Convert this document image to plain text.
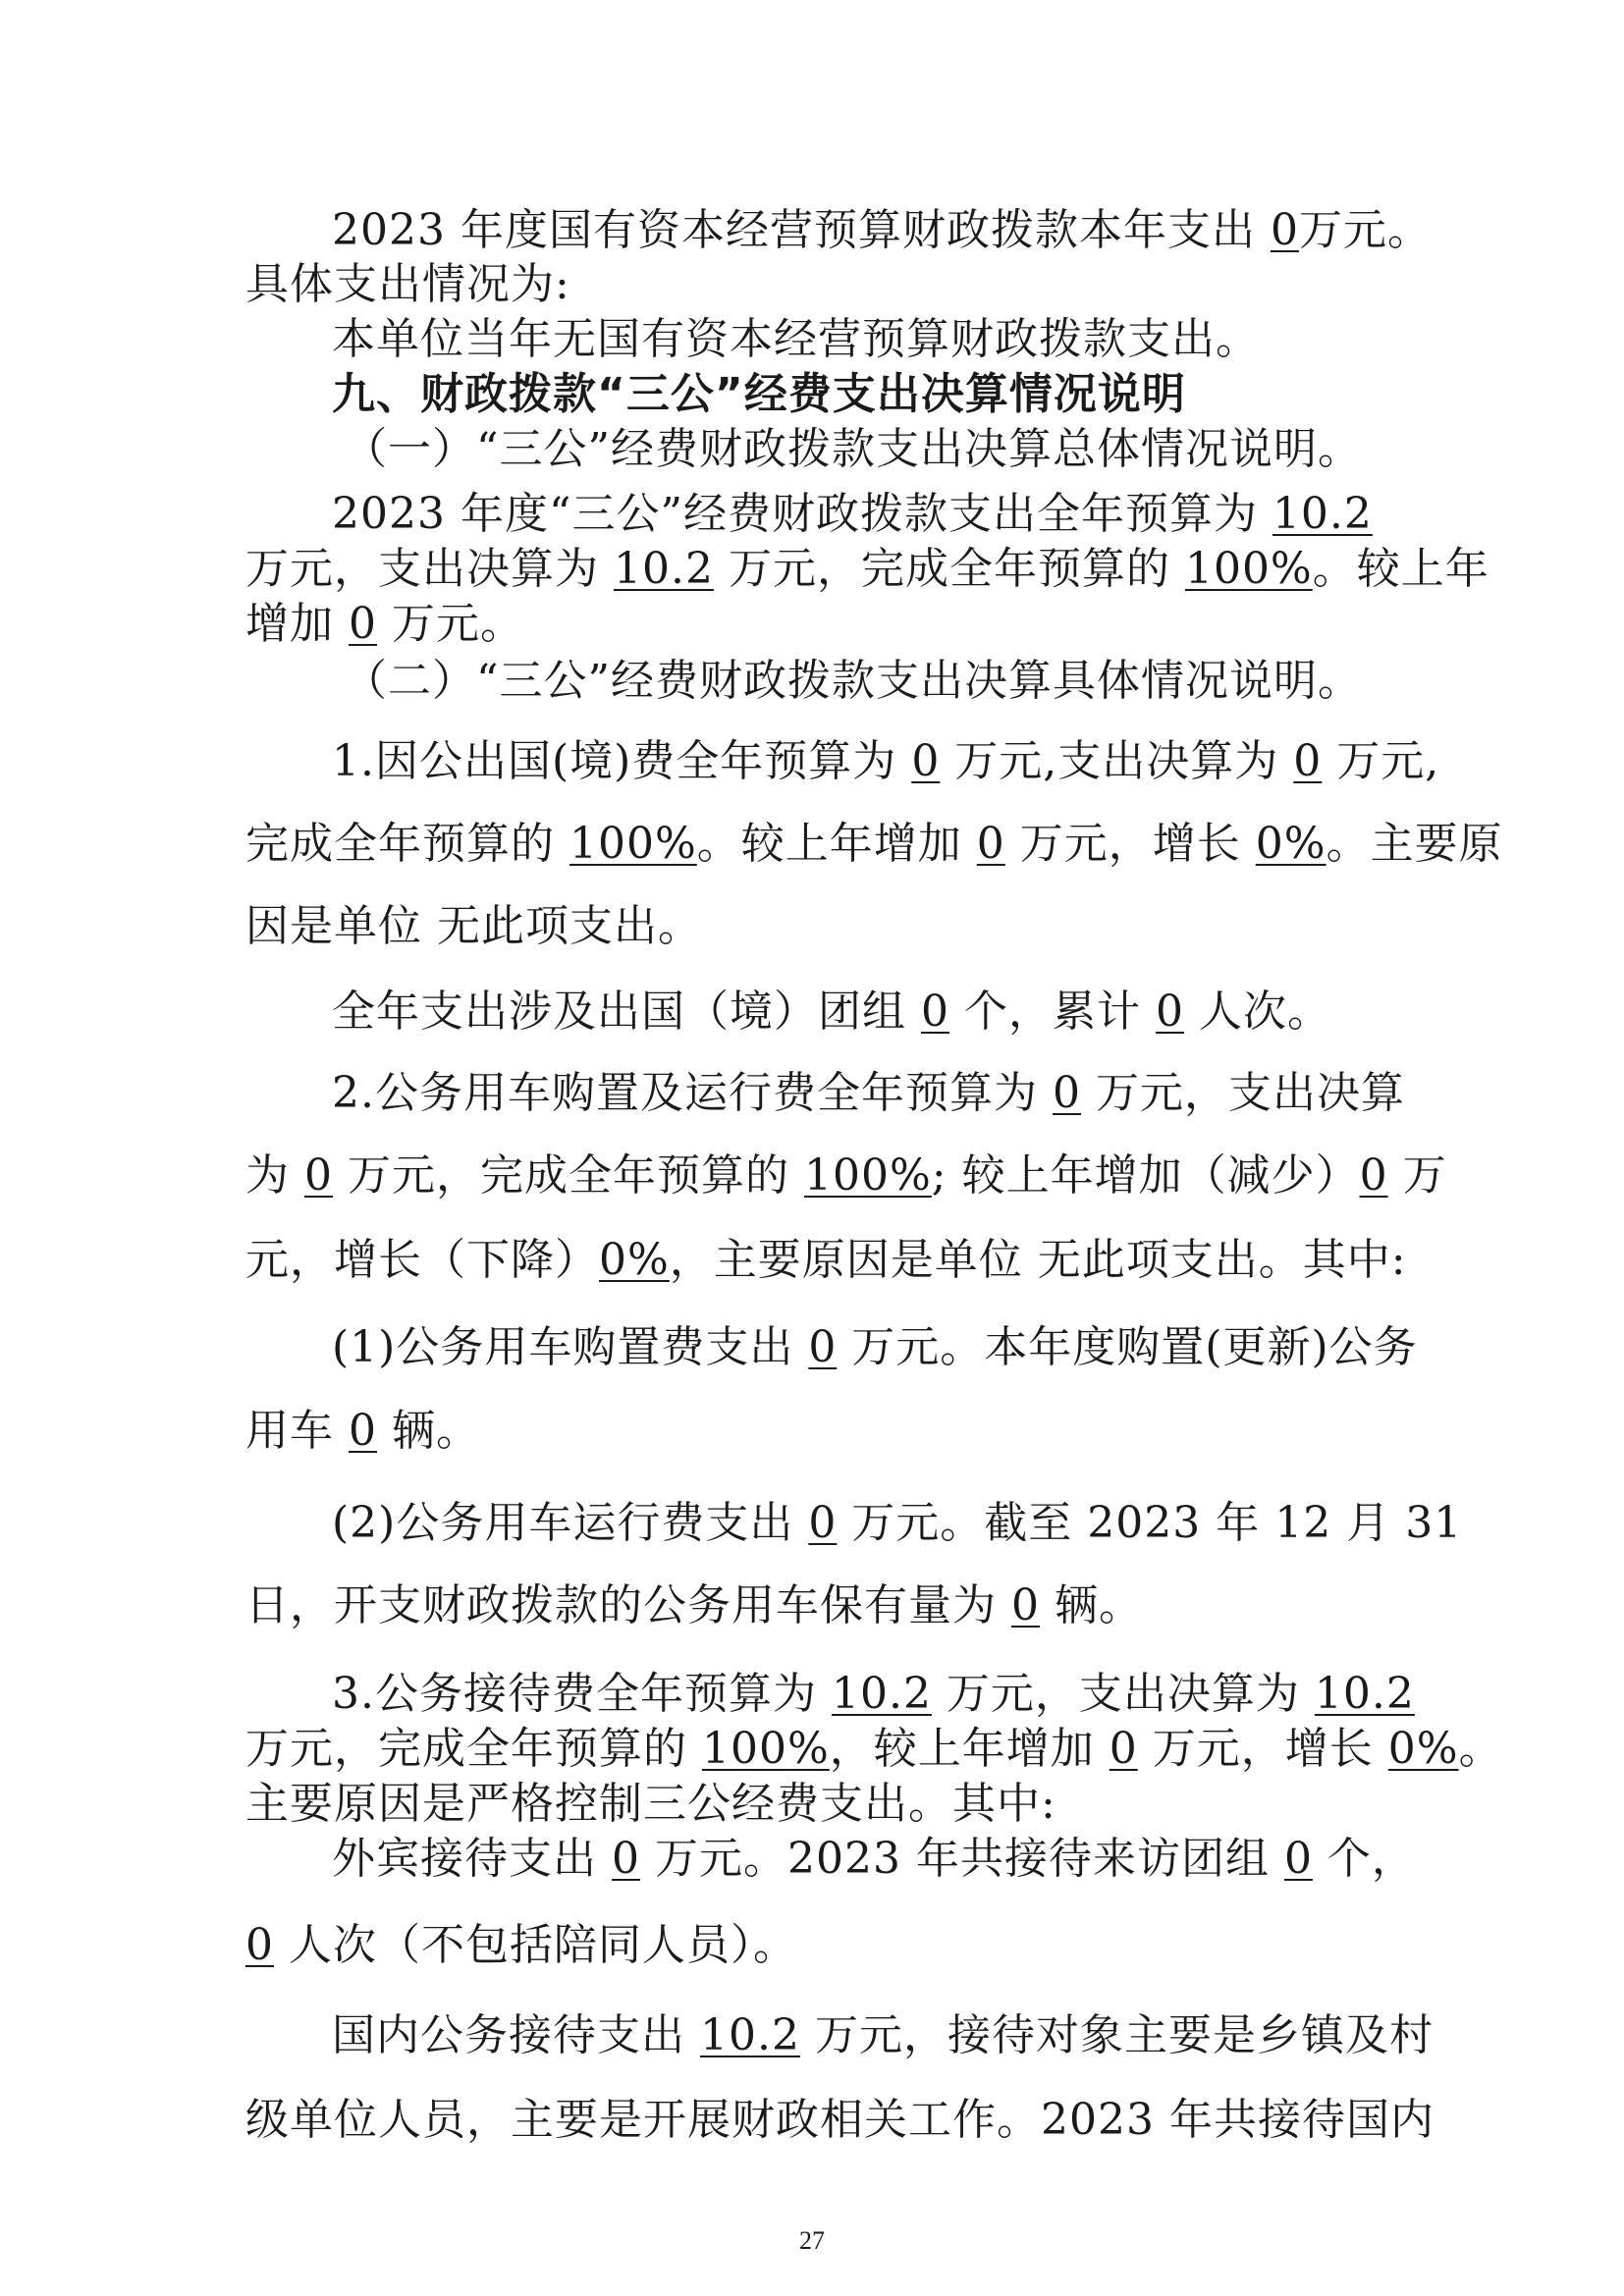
2023 年度国有资本经营预算财政拨款本年支出 0万元。
具体支出情况为:
本单位当年无国有资本经营预算财政拨款支出。
九、财政拨款“三公”经费支出决算情况说明
（一）“三公”经费财政拨款支出决算总体情况说明。
2023 年度“三公”经费财政拨款支出全年预算为 10.2
万元，支出决算为 10.2 万元，完成全年预算的 100%。较上年
增加 0 万元。
（二）“三公”经费财政拨款支出决算具体情况说明。
1.因公出国(境)费全年预算为 0 万元,支出决算为 0 万元,
完成全年预算的 100%。较上年增加 0 万元，增长 0%。主要原
因是单位 无此项支出。
全年支出涉及出国（境）团组 0 个，累计 0 人次。
2.公务用车购置及运行费全年预算为 0 万元，支出决算
为 0 万元，完成全年预算的 100%; 较上年增加（减少）0 万
元，增长（下降）0%，主要原因是单位 无此项支出。其中:
(1)公务用车购置费支出 0 万元。本年度购置(更新)公务
用车 0 辆。
(2)公务用车运行费支出 0 万元。截至 2023 年 12 月 31
日，开支财政拨款的公务用车保有量为 0 辆。
3.公务接待费全年预算为 10.2 万元，支出决算为 10.2
万元，完成全年预算的 100%，较上年增加 0 万元，增长 0%。
主要原因是严格控制三公经费支出。其中:
外宾接待支出 0 万元。2023 年共接待来访团组 0 个，
0 人次（不包括陪同人员）。
国内公务接待支出 10.2 万元，接待对象主要是乡镇及村
级单位人员，主要是开展财政相关工作。2023 年共接待国内
27
